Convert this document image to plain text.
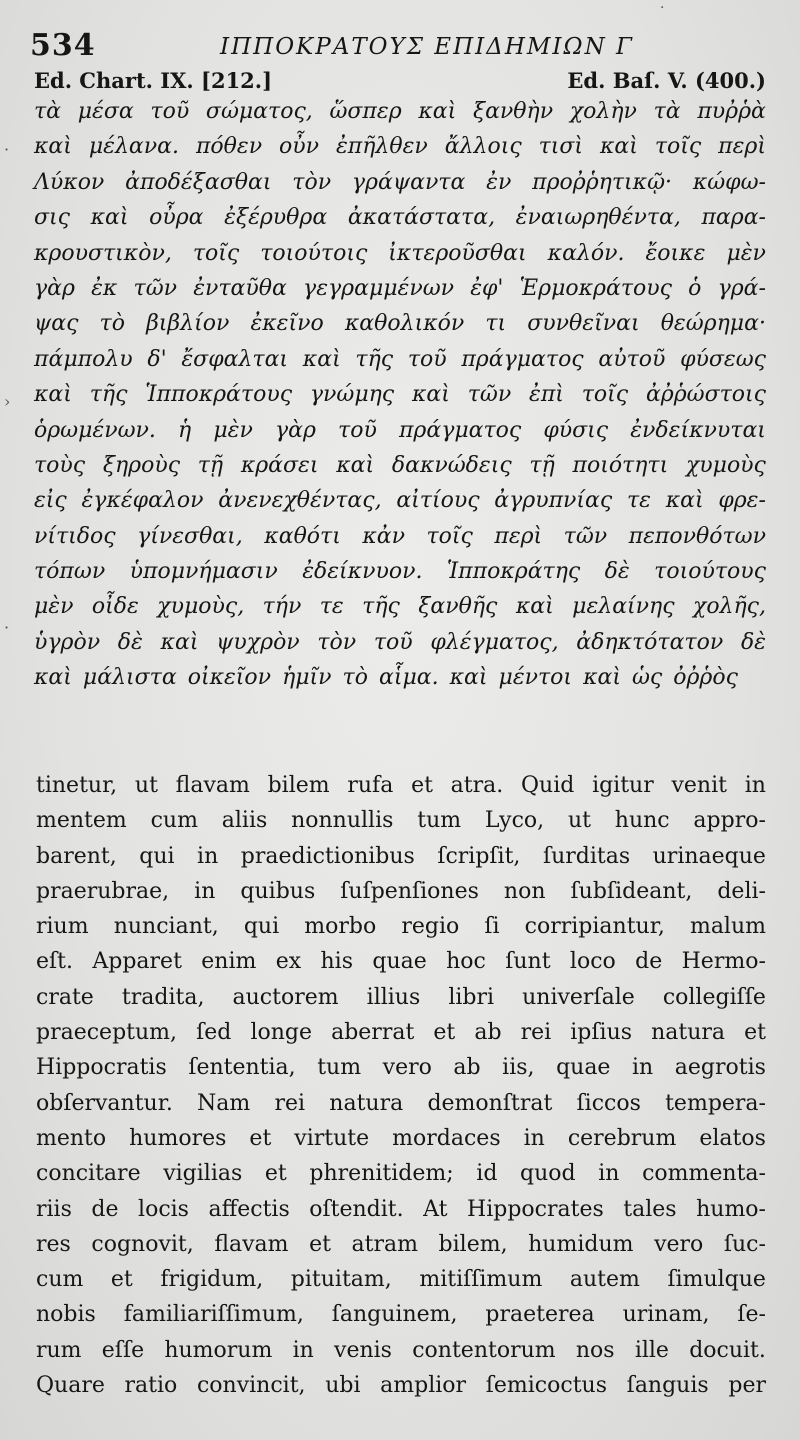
·
·
›
·
534	ΙΠΠΟΚΡΑΤΟΥΣ ΕΠΙΔΗΜΙΩΝ Γ
Ed. Chart. IX. [212.]	Ed. Baſ. V. (400.)
τὰ μέσα τοῦ σώματος, ὥσπερ καὶ ξανθὴν χολὴν τὰ πυῤῥὰ
καὶ μέλανα. πόθεν οὖν ἐπῆλθεν ἄλλοις τισὶ καὶ τοῖς περὶ
Λύκον ἀποδέξασθαι τὸν γράψαντα ἐν προῤῥητικῷ· κώφω-
σις καὶ οὖρα ἐξέρυθρα ἀκατάστατα, ἐναιωρηθέντα, παρα-
κρουστικὸν, τοῖς τοιούτοις ἰκτεροῦσθαι καλόν. ἔοικε μὲν
γὰρ ἐκ τῶν ἐνταῦθα γεγραμμένων ἐφ' Ἑρμοκράτους ὁ γρά-
ψας τὸ βιβλίον ἐκεῖνο καθολικόν τι συνθεῖναι θεώρημα·
πάμπολυ δ' ἔσφαλται καὶ τῆς τοῦ πράγματος αὐτοῦ φύσεως
καὶ τῆς Ἱπποκράτους γνώμης καὶ τῶν ἐπὶ τοῖς ἀῤῥώστοις
ὁρωμένων. ἡ μὲν γὰρ τοῦ πράγματος φύσις ἐνδείκνυται
τοὺς ξηροὺς τῇ κράσει καὶ δακνώδεις τῇ ποιότητι χυμοὺς
εἰς ἐγκέφαλον ἀνενεχθέντας, αἰτίους ἀγρυπνίας τε καὶ φρε-
νίτιδος γίνεσθαι, καθότι κἀν τοῖς περὶ τῶν πεπονθότων
τόπων ὑπομνήμασιν ἐδείκνυον. Ἱπποκράτης δὲ τοιούτους
μὲν οἶδε χυμοὺς, τήν τε τῆς ξανθῆς καὶ μελαίνης χολῆς,
ὑγρὸν δὲ καὶ ψυχρὸν τὸν τοῦ φλέγματος, ἀδηκτότατον δὲ
καὶ μάλιστα οἰκεῖον ἡμῖν τὸ αἷμα. καὶ μέντοι καὶ ὡς ὀῤῥὸς
tinetur, ut flavam bilem rufa et atra. Quid igitur venit in
mentem cum aliis nonnullis tum Lyco, ut hunc appro-
barent, qui in praedictionibus ſcripſit, ſurditas urinaeque
praerubrae, in quibus ſuſpenſiones non ſubſideant, deli-
rium nunciant, qui morbo regio ſi corripiantur, malum
eſt. Apparet enim ex his quae hoc ſunt loco de Hermo-
crate tradita, auctorem illius libri univerſale collegiſſe
praeceptum, ſed longe aberrat et ab rei ipſius natura et
Hippocratis ſententia, tum vero ab iis, quae in aegrotis
obſervantur. Nam rei natura demonſtrat ſiccos tempera-
mento humores et virtute mordaces in cerebrum elatos
concitare vigilias et phrenitidem; id quod in commenta-
riis de locis affectis oſtendit. At Hippocrates tales humo-
res cognovit, flavam et atram bilem, humidum vero ſuc-
cum et frigidum, pituitam, mitiſſimum autem ſimulque
nobis familiariſſimum, ſanguinem, praeterea urinam, ſe-
rum eſſe humorum in venis contentorum nos ille docuit.
Quare ratio convincit, ubi amplior ſemicoctus ſanguis per
